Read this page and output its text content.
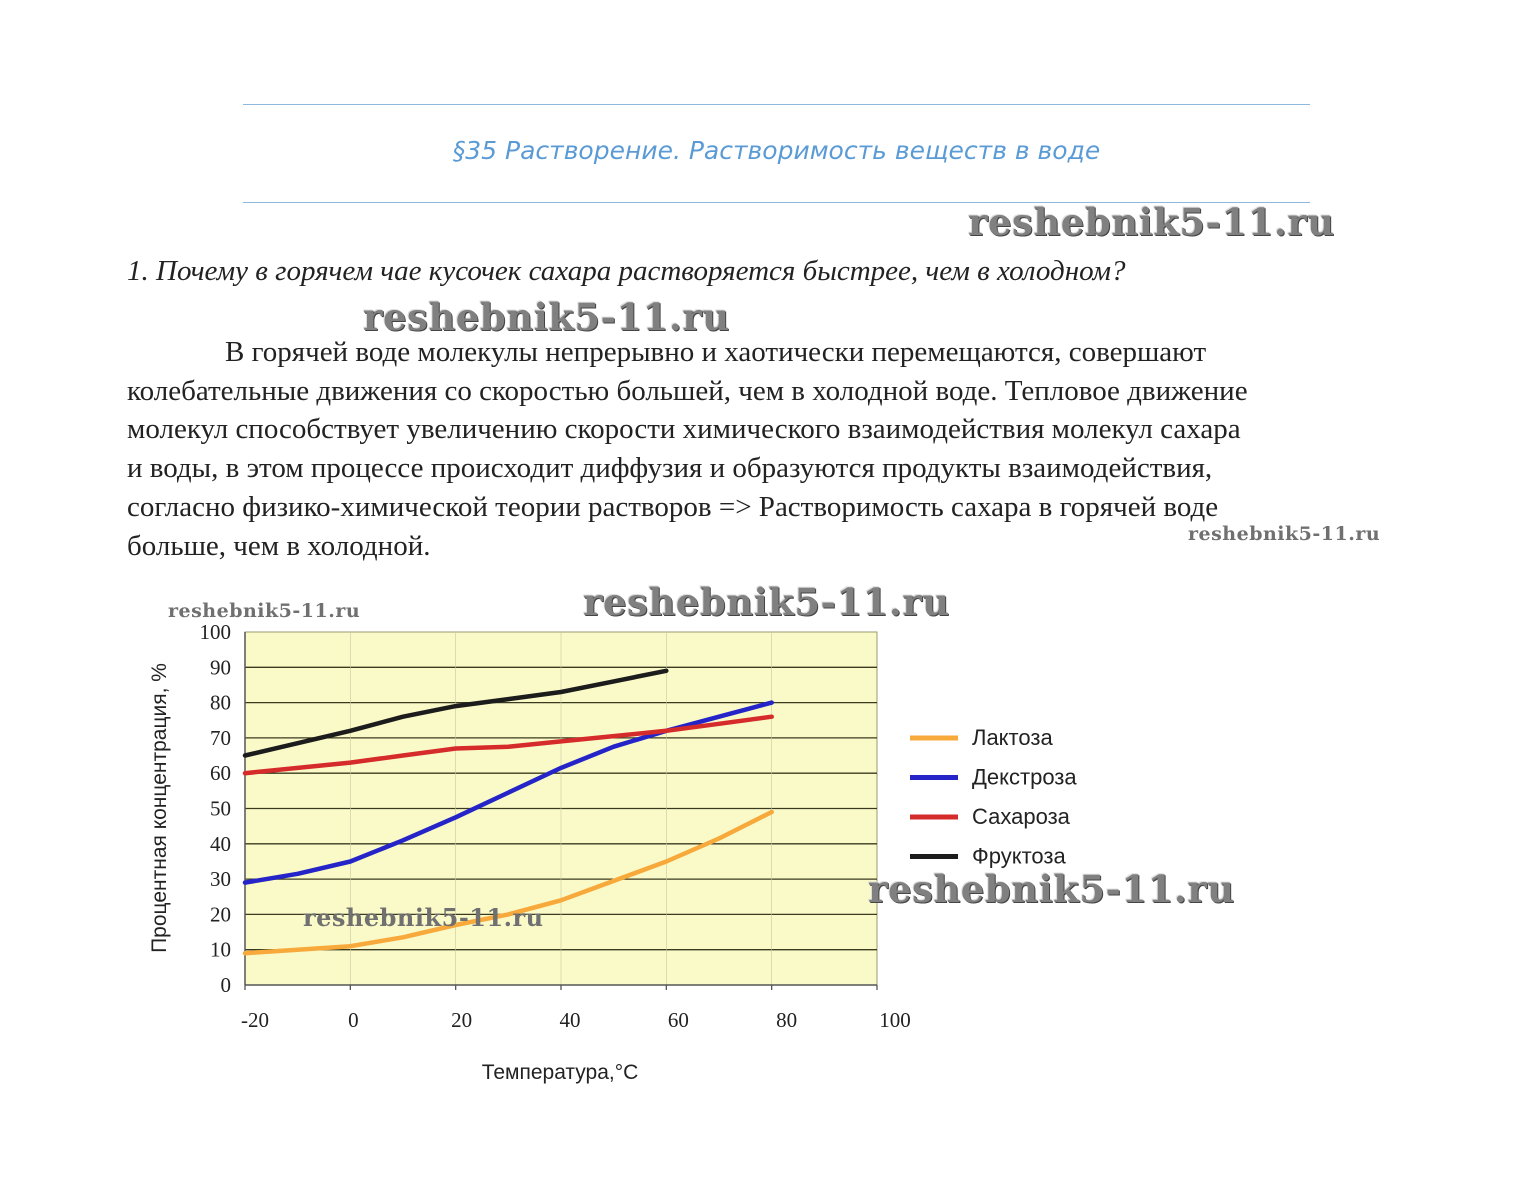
§35 Растворение. Растворимость веществ в воде
reshebnik5-11.ru
1. Почему в горячем чае кусочек сахара растворяется быстрее, чем в холодном?
reshebnik5-11.ru
В горячей воде молекулы непрерывно и хаотически перемещаются, совершают
колебательные движения со скоростью большей, чем в холодной воде. Тепловое движение
молекул способствует увеличению скорости химического взаимодействия молекул сахара
и воды, в этом процессе происходит диффузия и образуются продукты взаимодействия,
согласно физико-химической теории растворов => Растворимость сахара в горячей воде
больше, чем в холодной.	reshebnik5-11.ru
0
10
20
30
40
50
60
70
80
90
100
-20	0	20	40	60	80	100
Лактоза
Декстроза
Сахароза
Фруктоза
Температура,°С
Процентная концентрация, %
reshebnik5-11.ru	reshebnik5-11.ru
reshebnik5-11.ru
reshebnik5-11.ru
